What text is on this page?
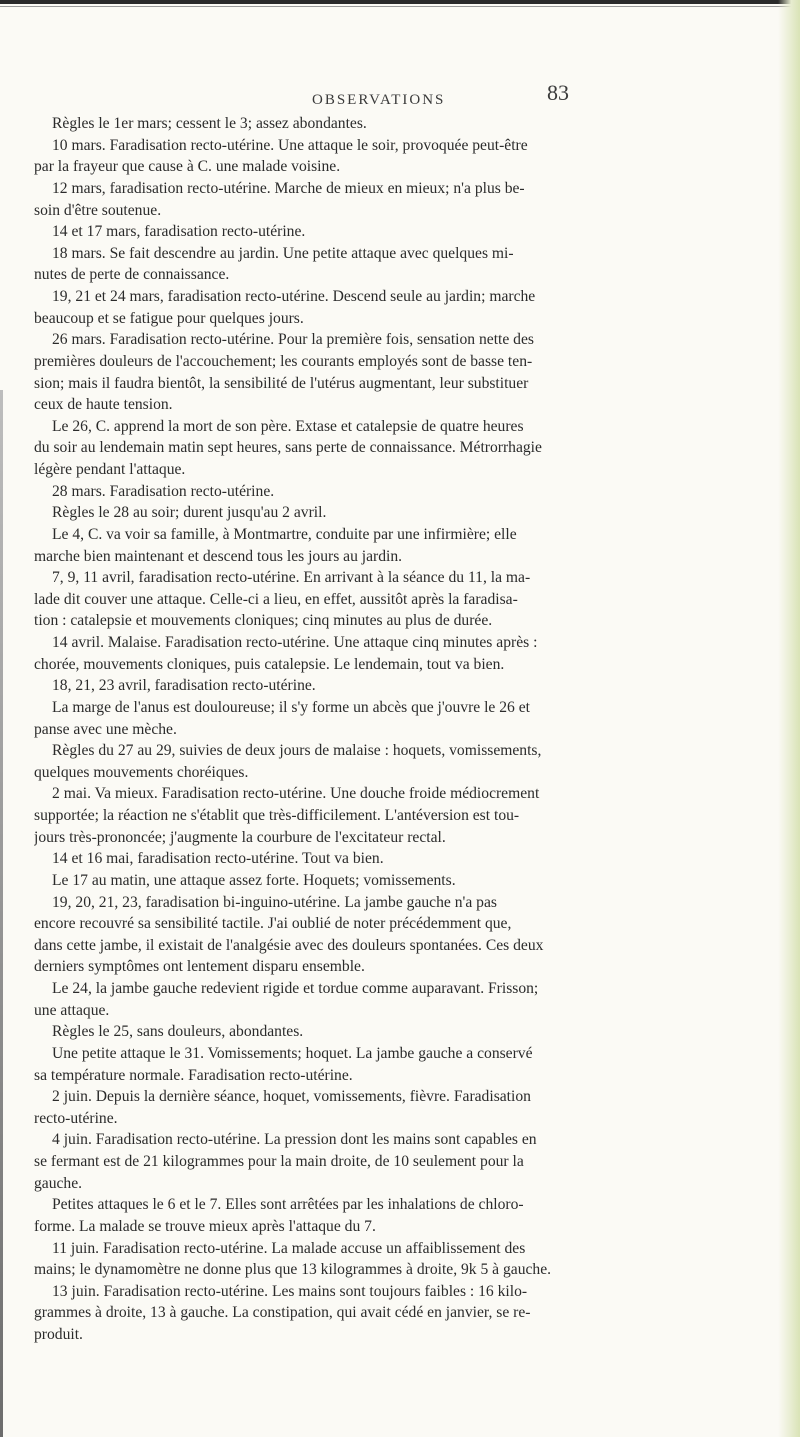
OBSERVATIONS	83

Règles le 1er mars; cessent le 3; assez abondantes.

10 mars. Faradisation recto-utérine. Une attaque le soir, provoquée peut-être
par la frayeur que cause à C. une malade voisine.

12 mars, faradisation recto-utérine. Marche de mieux en mieux; n'a plus be-
soin d'être soutenue.

14 et 17 mars, faradisation recto-utérine.

18 mars. Se fait descendre au jardin. Une petite attaque avec quelques mi-
nutes de perte de connaissance.

19, 21 et 24 mars, faradisation recto-utérine. Descend seule au jardin; marche
beaucoup et se fatigue pour quelques jours.

26 mars. Faradisation recto-utérine. Pour la première fois, sensation nette des
premières douleurs de l'accouchement; les courants employés sont de basse ten-
sion; mais il faudra bientôt, la sensibilité de l'utérus augmentant, leur substituer
ceux de haute tension.

Le 26, C. apprend la mort de son père. Extase et catalepsie de quatre heures
du soir au lendemain matin sept heures, sans perte de connaissance. Métrorrhagie
légère pendant l'attaque.

28 mars. Faradisation recto-utérine.

Règles le 28 au soir; durent jusqu'au 2 avril.

Le 4, C. va voir sa famille, à Montmartre, conduite par une infirmière; elle
marche bien maintenant et descend tous les jours au jardin.

7, 9, 11 avril, faradisation recto-utérine. En arrivant à la séance du 11, la ma-
lade dit couver une attaque. Celle-ci a lieu, en effet, aussitôt après la faradisa-
tion : catalepsie et mouvements cloniques; cinq minutes au plus de durée.

14 avril. Malaise. Faradisation recto-utérine. Une attaque cinq minutes après :
chorée, mouvements cloniques, puis catalepsie. Le lendemain, tout va bien.

18, 21, 23 avril, faradisation recto-utérine.

La marge de l'anus est douloureuse; il s'y forme un abcès que j'ouvre le 26 et
panse avec une mèche.

Règles du 27 au 29, suivies de deux jours de malaise : hoquets, vomissements,
quelques mouvements choréiques.

2 mai. Va mieux. Faradisation recto-utérine. Une douche froide médiocrement
supportée; la réaction ne s'établit que très-difficilement. L'antéversion est tou-
jours très-prononcée; j'augmente la courbure de l'excitateur rectal.

14 et 16 mai, faradisation recto-utérine. Tout va bien.

Le 17 au matin, une attaque assez forte. Hoquets; vomissements.

19, 20, 21, 23, faradisation bi-inguino-utérine. La jambe gauche n'a pas
encore recouvré sa sensibilité tactile. J'ai oublié de noter précédemment que,
dans cette jambe, il existait de l'analgésie avec des douleurs spontanées. Ces deux
derniers symptômes ont lentement disparu ensemble.

Le 24, la jambe gauche redevient rigide et tordue comme auparavant. Frisson;
une attaque.

Règles le 25, sans douleurs, abondantes.

Une petite attaque le 31. Vomissements; hoquet. La jambe gauche a conservé
sa température normale. Faradisation recto-utérine.

2 juin. Depuis la dernière séance, hoquet, vomissements, fièvre. Faradisation
recto-utérine.

4 juin. Faradisation recto-utérine. La pression dont les mains sont capables en
se fermant est de 21 kilogrammes pour la main droite, de 10 seulement pour la
gauche.

Petites attaques le 6 et le 7. Elles sont arrêtées par les inhalations de chloro-
forme. La malade se trouve mieux après l'attaque du 7.

11 juin. Faradisation recto-utérine. La malade accuse un affaiblissement des
mains; le dynamomètre ne donne plus que 13 kilogrammes à droite, 9k 5 à gauche.

13 juin. Faradisation recto-utérine. Les mains sont toujours faibles : 16 kilo-
grammes à droite, 13 à gauche. La constipation, qui avait cédé en janvier, se re-
produit.
